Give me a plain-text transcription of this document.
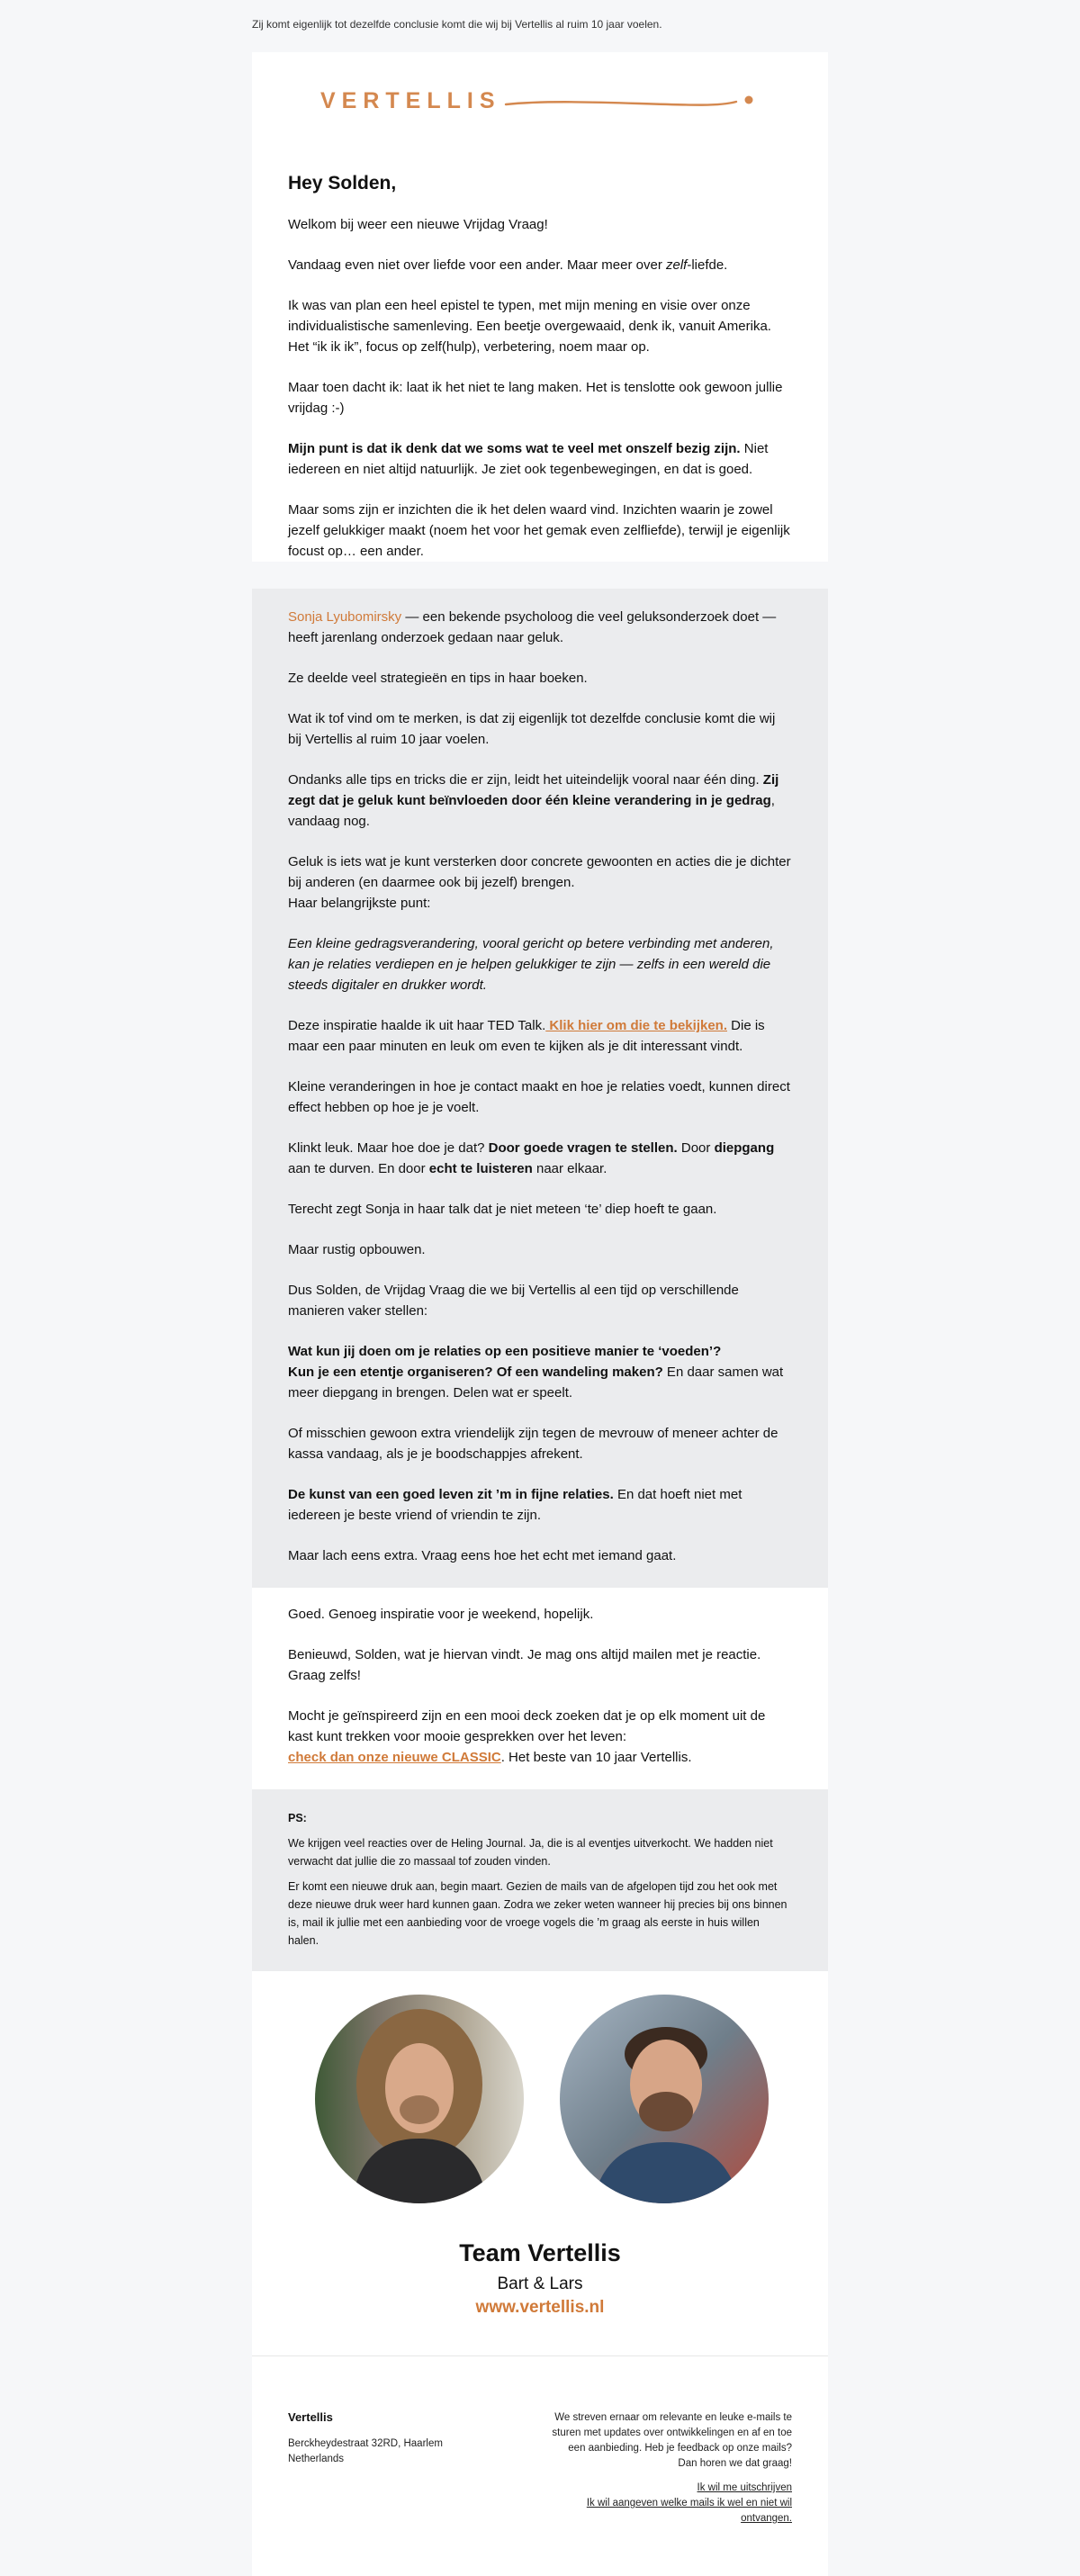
Zij komt eigenlijk tot dezelfde conclusie komt die wij bij Vertellis al ruim 10 jaar voelen.
VERTELLIS
Hey Solden,

Welkom bij weer een nieuwe Vrijdag Vraag!

Vandaag even niet over liefde voor een ander. Maar meer over zelf-liefde.

Ik was van plan een heel epistel te typen, met mijn mening en visie over onze individualistische samenleving. Een beetje overgewaaid, denk ik, vanuit Amerika. Het “ik ik ik”, focus op zelf(hulp), verbetering, noem maar op.

Maar toen dacht ik: laat ik het niet te lang maken. Het is tenslotte ook gewoon jullie vrijdag :-)

Mijn punt is dat ik denk dat we soms wat te veel met onszelf bezig zijn. Niet iedereen en niet altijd natuurlijk. Je ziet ook tegenbewegingen, en dat is goed.

Maar soms zijn er inzichten die ik het delen waard vind. Inzichten waarin je zowel jezelf gelukkiger maakt (noem het voor het gemak even zelfliefde), terwijl je eigenlijk focust op… een ander.

Sonja Lyubomirsky — een bekende psycholoog die veel geluksonderzoek doet — heeft jarenlang onderzoek gedaan naar geluk.

Ze deelde veel strategieën en tips in haar boeken.

Wat ik tof vind om te merken, is dat zij eigenlijk tot dezelfde conclusie komt die wij bij Vertellis al ruim 10 jaar voelen.

Ondanks alle tips en tricks die er zijn, leidt het uiteindelijk vooral naar één ding. Zij zegt dat je geluk kunt beïnvloeden door één kleine verandering in je gedrag, vandaag nog.

Geluk is iets wat je kunt versterken door concrete gewoonten en acties die je dichter bij anderen (en daarmee ook bij jezelf) brengen.
Haar belangrijkste punt:

Een kleine gedragsverandering, vooral gericht op betere verbinding met anderen, kan je relaties verdiepen en je helpen gelukkiger te zijn — zelfs in een wereld die steeds digitaler en drukker wordt.

Deze inspiratie haalde ik uit haar TED Talk. Klik hier om die te bekijken. Die is maar een paar minuten en leuk om even te kijken als je dit interessant vindt.

Kleine veranderingen in hoe je contact maakt en hoe je relaties voedt, kunnen direct effect hebben op hoe je je voelt.

Klinkt leuk. Maar hoe doe je dat? Door goede vragen te stellen. Door diepgang aan te durven. En door echt te luisteren naar elkaar.

Terecht zegt Sonja in haar talk dat je niet meteen ‘te’ diep hoeft te gaan.

Maar rustig opbouwen.

Dus Solden, de Vrijdag Vraag die we bij Vertellis al een tijd op verschillende manieren vaker stellen:

Wat kun jij doen om je relaties op een positieve manier te ‘voeden’?
Kun je een etentje organiseren? Of een wandeling maken? En daar samen wat meer diepgang in brengen. Delen wat er speelt.

Of misschien gewoon extra vriendelijk zijn tegen de mevrouw of meneer achter de kassa vandaag, als je je boodschappjes afrekent.

De kunst van een goed leven zit ’m in fijne relaties. En dat hoeft niet met iedereen je beste vriend of vriendin te zijn.

Maar lach eens extra. Vraag eens hoe het echt met iemand gaat.

Goed. Genoeg inspiratie voor je weekend, hopelijk.

Benieuwd, Solden, wat je hiervan vindt. Je mag ons altijd mailen met je reactie. Graag zelfs!

Mocht je geïnspireerd zijn en een mooi deck zoeken dat je op elk moment uit de kast kunt trekken voor mooie gesprekken over het leven:
check dan onze nieuwe CLASSIC. Het beste van 10 jaar Vertellis.

PS:

We krijgen veel reacties over de Heling Journal. Ja, die is al eventjes uitverkocht. We hadden niet verwacht dat jullie die zo massaal tof zouden vinden.

Er komt een nieuwe druk aan, begin maart. Gezien de mails van de afgelopen tijd zou het ook met deze nieuwe druk weer hard kunnen gaan. Zodra we zeker weten wanneer hij precies bij ons binnen is, mail ik jullie met een aanbieding voor de vroege vogels die ’m graag als eerste in huis willen halen.

Team Vertellis
Bart & Lars
www.vertellis.nl
Vertellis
Berckheydestraat 32RD, Haarlem
Netherlands
We streven ernaar om relevante en leuke e-mails te sturen met updates over ontwikkelingen en af en toe een aanbieding. Heb je feedback op onze mails? Dan horen we dat graag!
Ik wil me uitschrijven
Ik wil aangeven welke mails ik wel en niet wil ontvangen.
